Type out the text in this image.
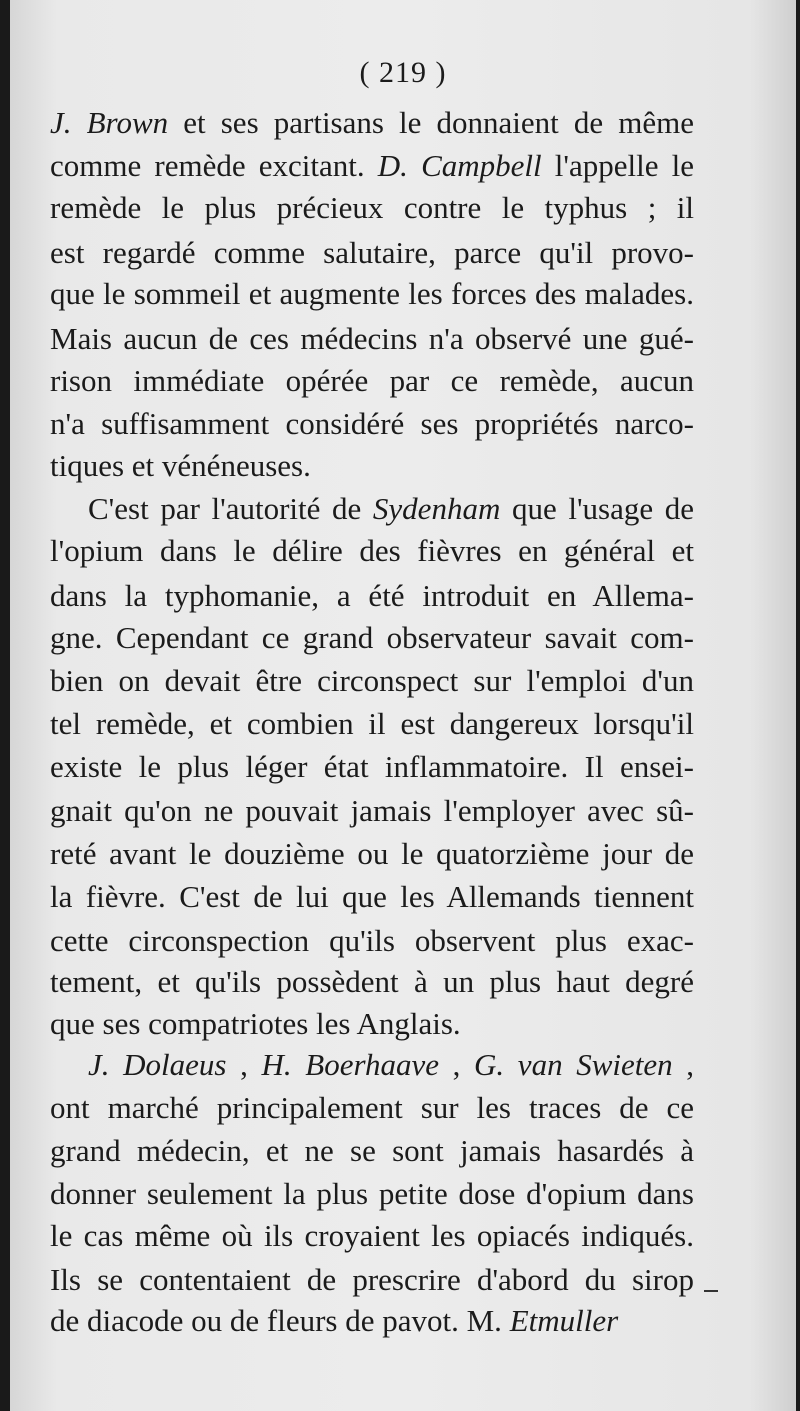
( 219 )
J. Brown et ses partisans le donnaient de même
comme remède excitant. D. Campbell l'appelle le
remède le plus précieux contre le typhus ; il
est regardé comme salutaire, parce qu'il provo-
que le sommeil et augmente les forces des malades.
Mais aucun de ces médecins n'a observé une gué-
rison immédiate opérée par ce remède, aucun
n'a suffisamment considéré ses propriétés narco-
tiques et vénéneuses.
C'est par l'autorité de Sydenham que l'usage de
l'opium dans le délire des fièvres en général et
dans la typhomanie, a été introduit en Allema-
gne. Cependant ce grand observateur savait com-
bien on devait être circonspect sur l'emploi d'un
tel remède, et combien il est dangereux lorsqu'il
existe le plus léger état inflammatoire. Il ensei-
gnait qu'on ne pouvait jamais l'employer avec sû-
reté avant le douzième ou le quatorzième jour de
la fièvre. C'est de lui que les Allemands tiennent
cette circonspection qu'ils observent plus exac-
tement, et qu'ils possèdent à un plus haut degré
que ses compatriotes les Anglais.
J. Dolaeus , H. Boerhaave , G. van Swieten ,
ont marché principalement sur les traces de ce
grand médecin, et ne se sont jamais hasardés à
donner seulement la plus petite dose d'opium dans
le cas même où ils croyaient les opiacés indiqués.
Ils se contentaient de prescrire d'abord du sirop
de diacode ou de fleurs de pavot. M. Etmuller
